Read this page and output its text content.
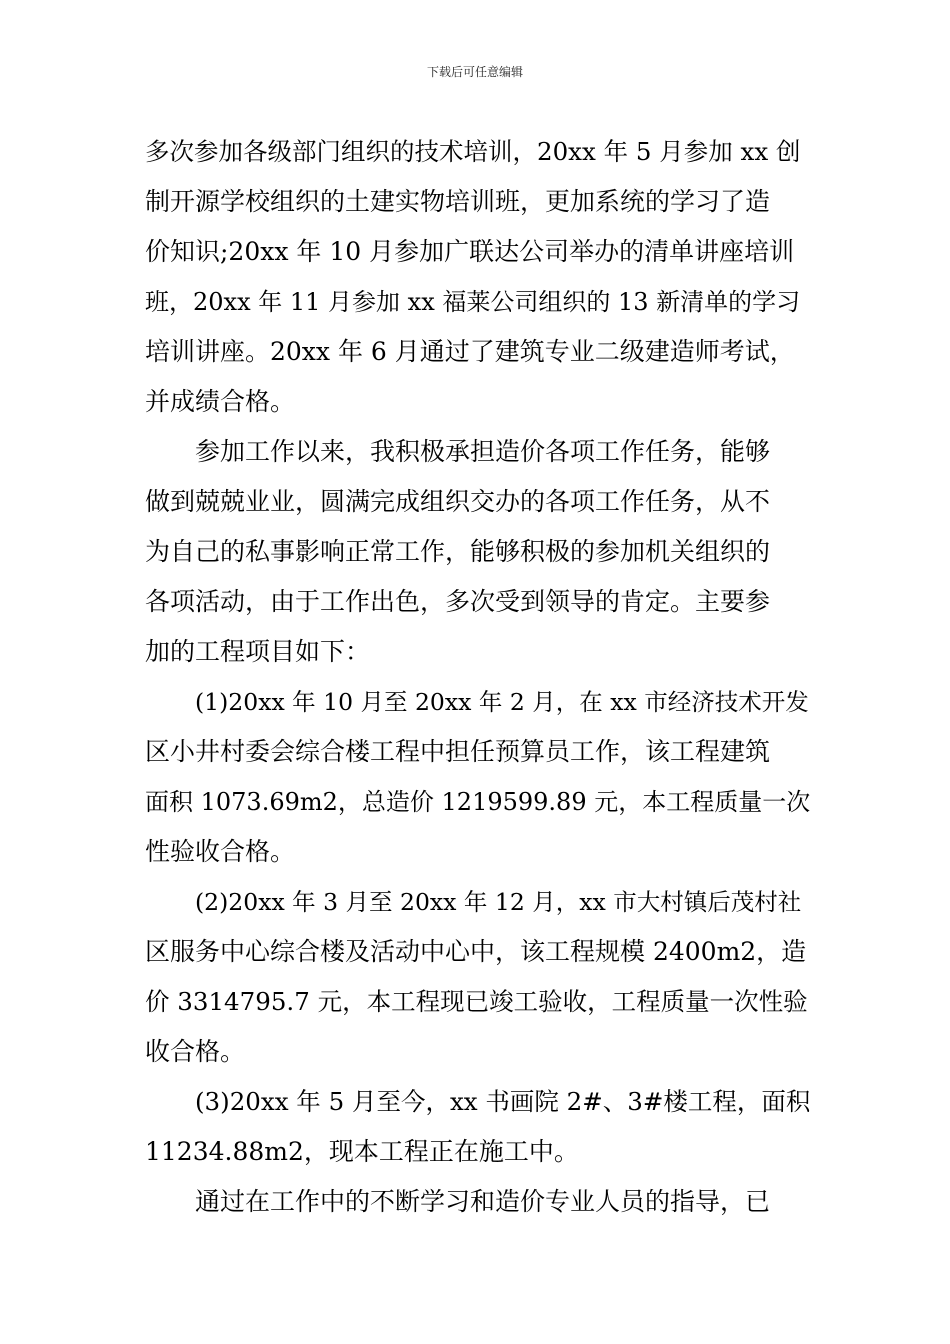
下载后可任意编辑
多次参加各级部门组织的技术培训，20xx 年 5 月参加 xx 创
制开源学校组织的土建实物培训班，更加系统的学习了造
价知识;20xx 年 10 月参加广联达公司举办的清单讲座培训
班，20xx 年 11 月参加 xx 福莱公司组织的 13 新清单的学习
培训讲座。20xx 年 6 月通过了建筑专业二级建造师考试，
并成绩合格。
参加工作以来，我积极承担造价各项工作任务，能够
做到兢兢业业，圆满完成组织交办的各项工作任务，从不
为自己的私事影响正常工作，能够积极的参加机关组织的
各项活动，由于工作出色，多次受到领导的肯定。主要参
加的工程项目如下：
(1)20xx 年 10 月至 20xx 年 2 月，在 xx 市经济技术开发
区小井村委会综合楼工程中担任预算员工作，该工程建筑
面积 1073.69m2，总造价 1219599.89 元，本工程质量一次
性验收合格。
(2)20xx 年 3 月至 20xx 年 12 月，xx 市大村镇后茂村社
区服务中心综合楼及活动中心中，该工程规模 2400m2，造
价 3314795.7 元，本工程现已竣工验收，工程质量一次性验
收合格。
(3)20xx 年 5 月至今，xx 书画院 2#、3#楼工程，面积
11234.88m2，现本工程正在施工中。
通过在工作中的不断学习和造价专业人员的指导，已
